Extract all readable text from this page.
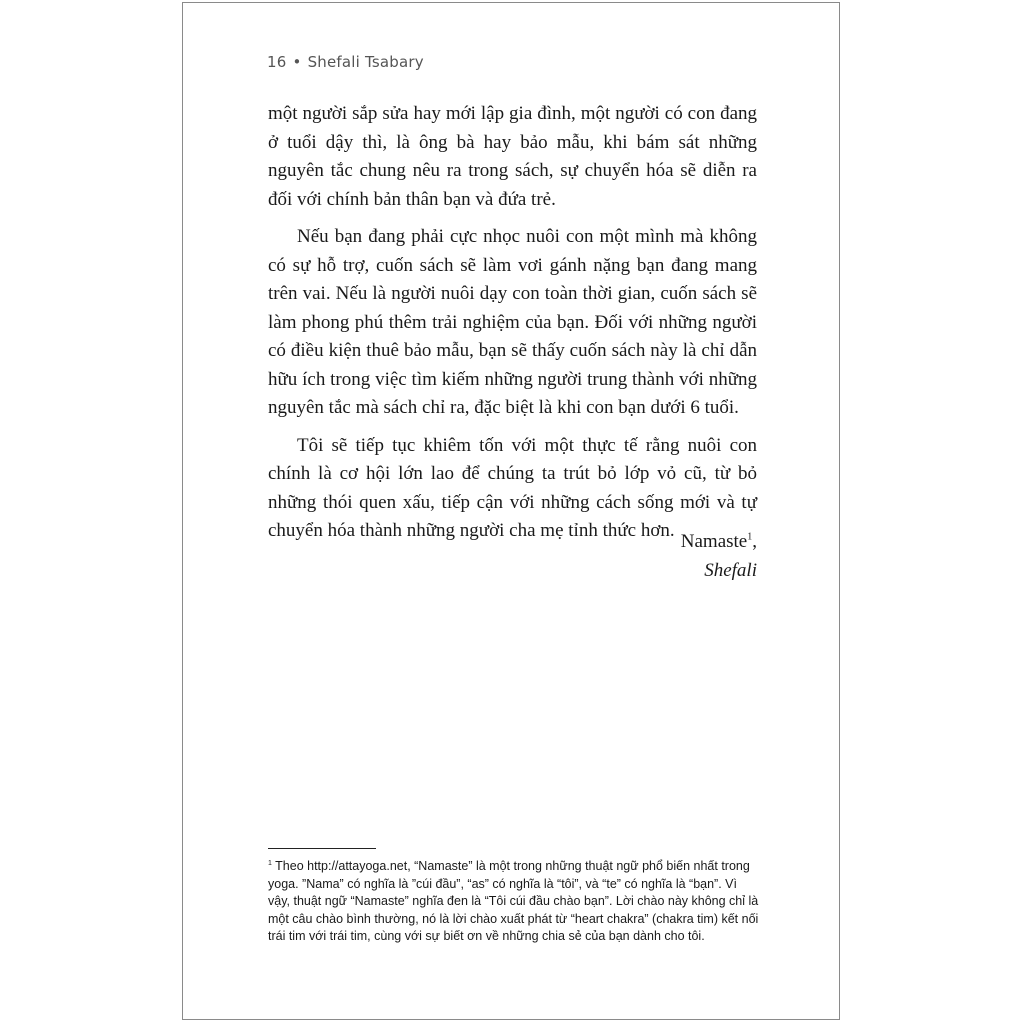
16 • Shefali Tsabary

một người sắp sửa hay mới lập gia đình, một người có con đang ở tuổi dậy thì, là ông bà hay bảo mẫu, khi bám sát những nguyên tắc chung nêu ra trong sách, sự chuyển hóa sẽ diễn ra đối với chính bản thân bạn và đứa trẻ.

Nếu bạn đang phải cực nhọc nuôi con một mình mà không có sự hỗ trợ, cuốn sách sẽ làm vơi gánh nặng bạn đang mang trên vai. Nếu là người nuôi dạy con toàn thời gian, cuốn sách sẽ làm phong phú thêm trải nghiệm của bạn. Đối với những người có điều kiện thuê bảo mẫu, bạn sẽ thấy cuốn sách này là chỉ dẫn hữu ích trong việc tìm kiếm những người trung thành với những nguyên tắc mà sách chỉ ra, đặc biệt là khi con bạn dưới 6 tuổi.

Tôi sẽ tiếp tục khiêm tốn với một thực tế rằng nuôi con chính là cơ hội lớn lao để chúng ta trút bỏ lớp vỏ cũ, từ bỏ những thói quen xấu, tiếp cận với những cách sống mới và tự chuyển hóa thành những người cha mẹ tỉnh thức hơn.

Namaste$^1$,
Shefali
$^1$ Theo http://attayoga.net, “Namaste” là một trong những thuật ngữ phổ biến nhất trong yoga. ”Nama” có nghĩa là ”cúi đầu”, “as” có nghĩa là “tôi”, và “te” có nghĩa là “bạn”. Vì vậy, thuật ngữ “Namaste” nghĩa đen là “Tôi cúi đầu chào bạn”. Lời chào này không chỉ là một câu chào bình thường, nó là lời chào xuất phát từ “heart chakra” (chakra tim) kết nối trái tim với trái tim, cùng với sự biết ơn về những chia sẻ của bạn dành cho tôi.
